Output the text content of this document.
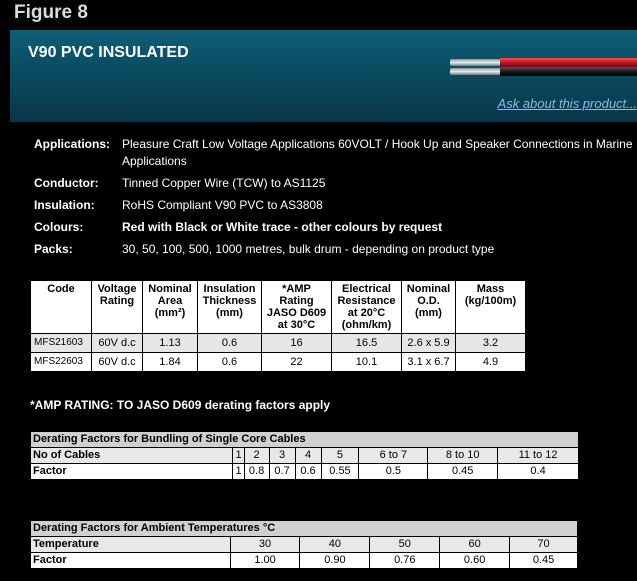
Figure 8
V90 PVC INSULATED
Ask about this product...
Applications: Pleasure Craft Low Voltage Applications 60VOLT / Hook Up and Speaker Connections in Marine Applications
Conductor:	Tinned Copper Wire (TCW) to AS1125
Insulation:	RoHS Compliant V90 PVC to AS3808
Colours:	Red with Black or White trace - other colours by request
Packs:	30, 50, 100, 500, 1000 metres, bulk drum - depending on product type
Code	Voltage Rating	Nominal Area (mm²)	Insulation Thickness (mm)	*AMP Rating JASO D609 at 30°C	Electrical Resistance at 20°C (ohm/km)	Nominal O.D. (mm)	Mass (kg/100m)
MFS21603	60V d.c	1.13	0.6	16	16.5	2.6 x 5.9	3.2
MFS22603	60V d.c	1.84	0.6	22	10.1	3.1 x 6.7	4.9
*AMP RATING: TO JASO D609 derating factors apply
Derating Factors for Bundling of Single Core Cables								
No of Cables	1	2	3	4	5	6 to 7	8 to 10	11 to 12
Factor	1	0.8	0.7	0.6	0.55	0.5	0.45	0.4
Derating Factors for Ambient Temperatures °C					
Temperature	30	40	50	60	70
Factor	1.00	0.90	0.76	0.60	0.45
